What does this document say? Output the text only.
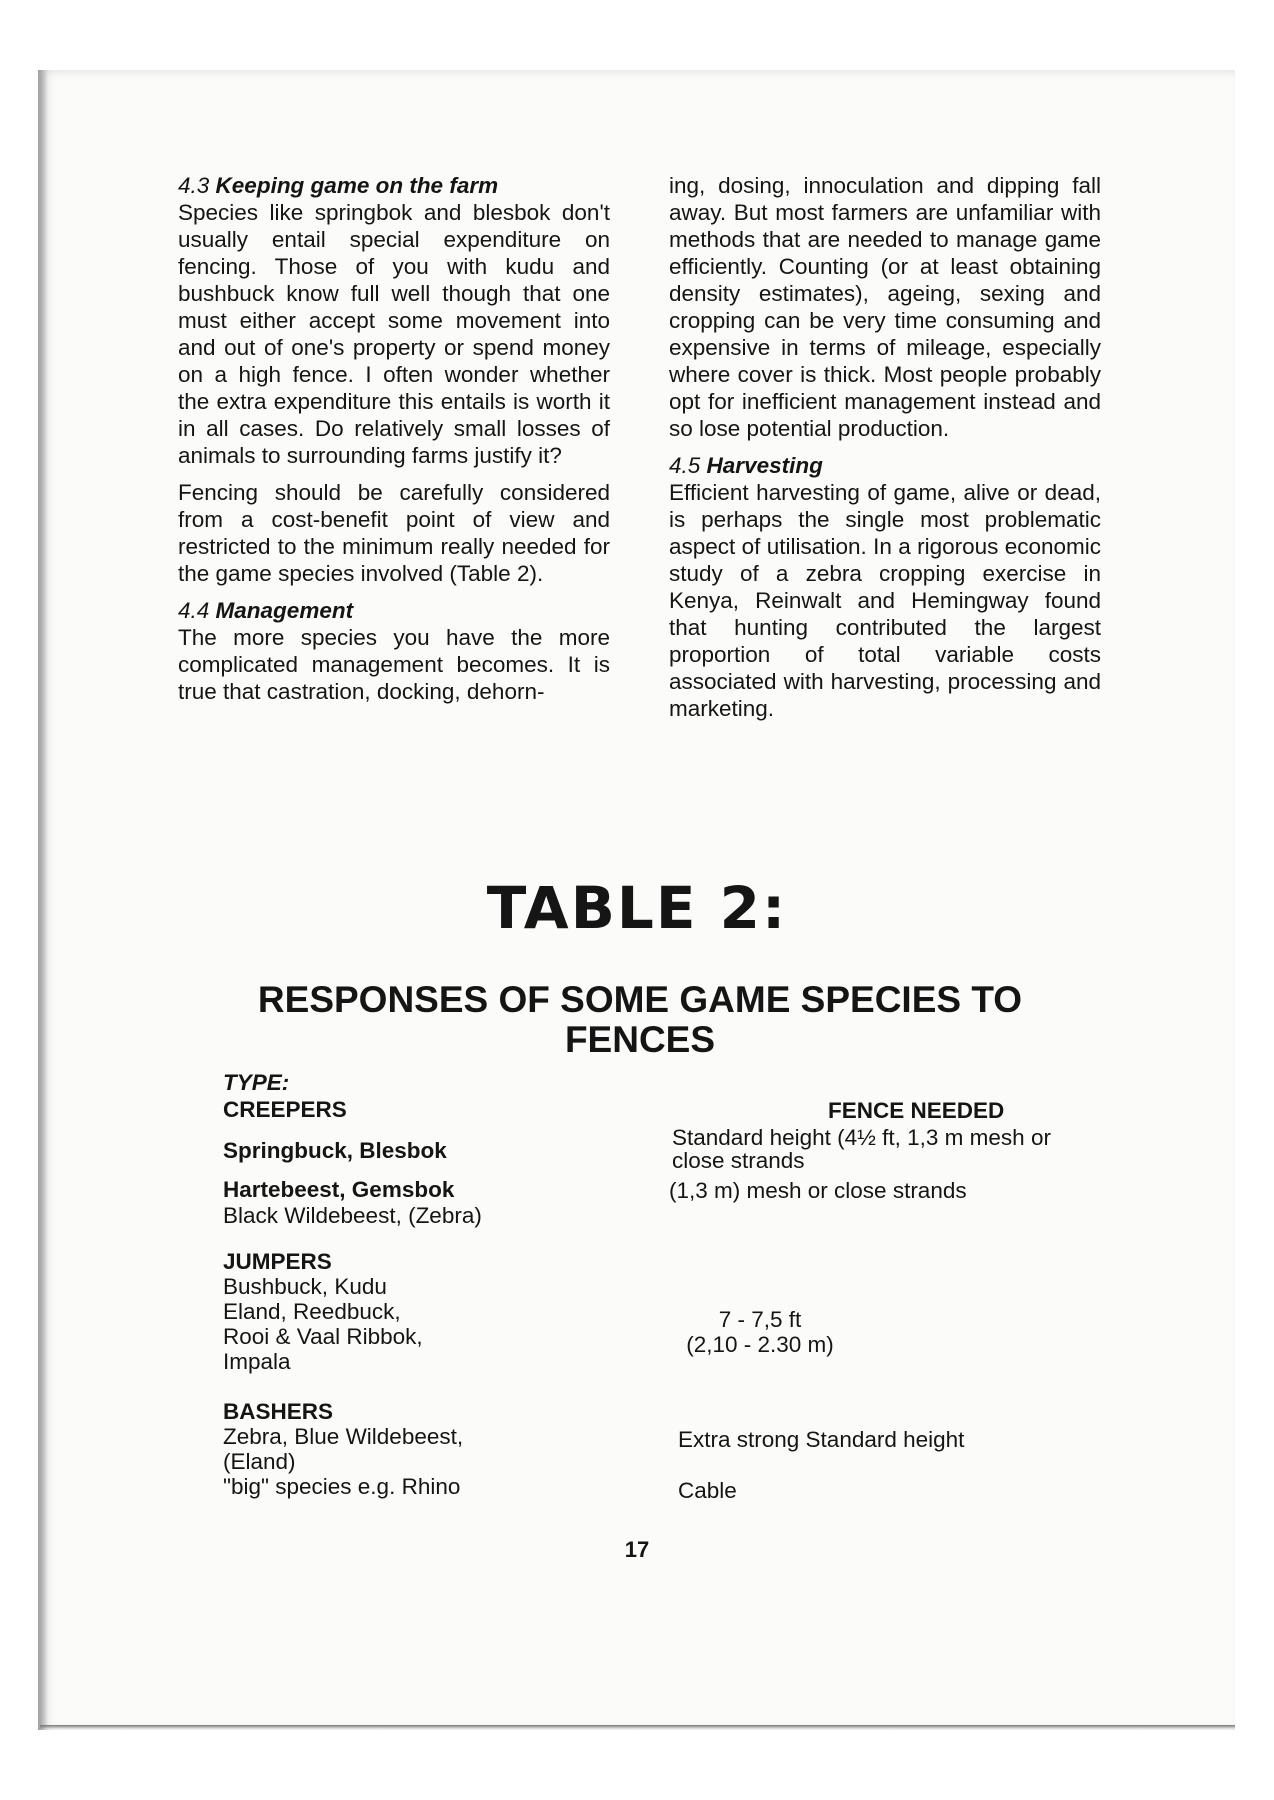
4.3 Keeping game on the farm

Species like springbok and blesbok don't usually entail special expenditure on fencing. Those of you with kudu and bushbuck know full well though that one must either accept some movement into and out of one's property or spend money on a high fence. I often wonder whether the extra expenditure this entails is worth it in all cases. Do relatively small losses of animals to surrounding farms justify it?

Fencing should be carefully considered from a cost-benefit point of view and restricted to the minimum really needed for the game species involved (Table 2).

4.4 Management

The more species you have the more complicated management becomes. It is true that castration, docking, dehorn-

ing, dosing, innoculation and dipping fall away. But most farmers are unfamiliar with methods that are needed to manage game efficiently. Counting (or at least obtaining density estimates), ageing, sexing and cropping can be very time consuming and expensive in terms of mileage, especially where cover is thick. Most people probably opt for inefficient management instead and so lose potential production.

4.5 Harvesting

Efficient harvesting of game, alive or dead, is perhaps the single most problematic aspect of utilisation. In a rigorous economic study of a zebra cropping exercise in Kenya, Reinwalt and Hemingway found that hunting contributed the largest proportion of total variable costs associated with harvesting, processing and marketing.

TABLE 2:
RESPONSES OF SOME GAME SPECIES TO
FENCES
TYPE:
FENCE NEEDED
CREEPERS
Springbuck, Blesbok
Hartebeest, Gemsbok
Black Wildebeest, (Zebra)
Standard height (4½ ft, 1,3 m mesh or
close strands
(1,3 m) mesh or close strands
JUMPERS
Bushbuck, Kudu
Eland, Reedbuck,
Rooi & Vaal Ribbok,
Impala
7 - 7,5 ft
(2,10 - 2.30 m)
BASHERS
Zebra, Blue Wildebeest,
(Eland)
"big" species e.g. Rhino
Extra strong Standard height
Cable
17
